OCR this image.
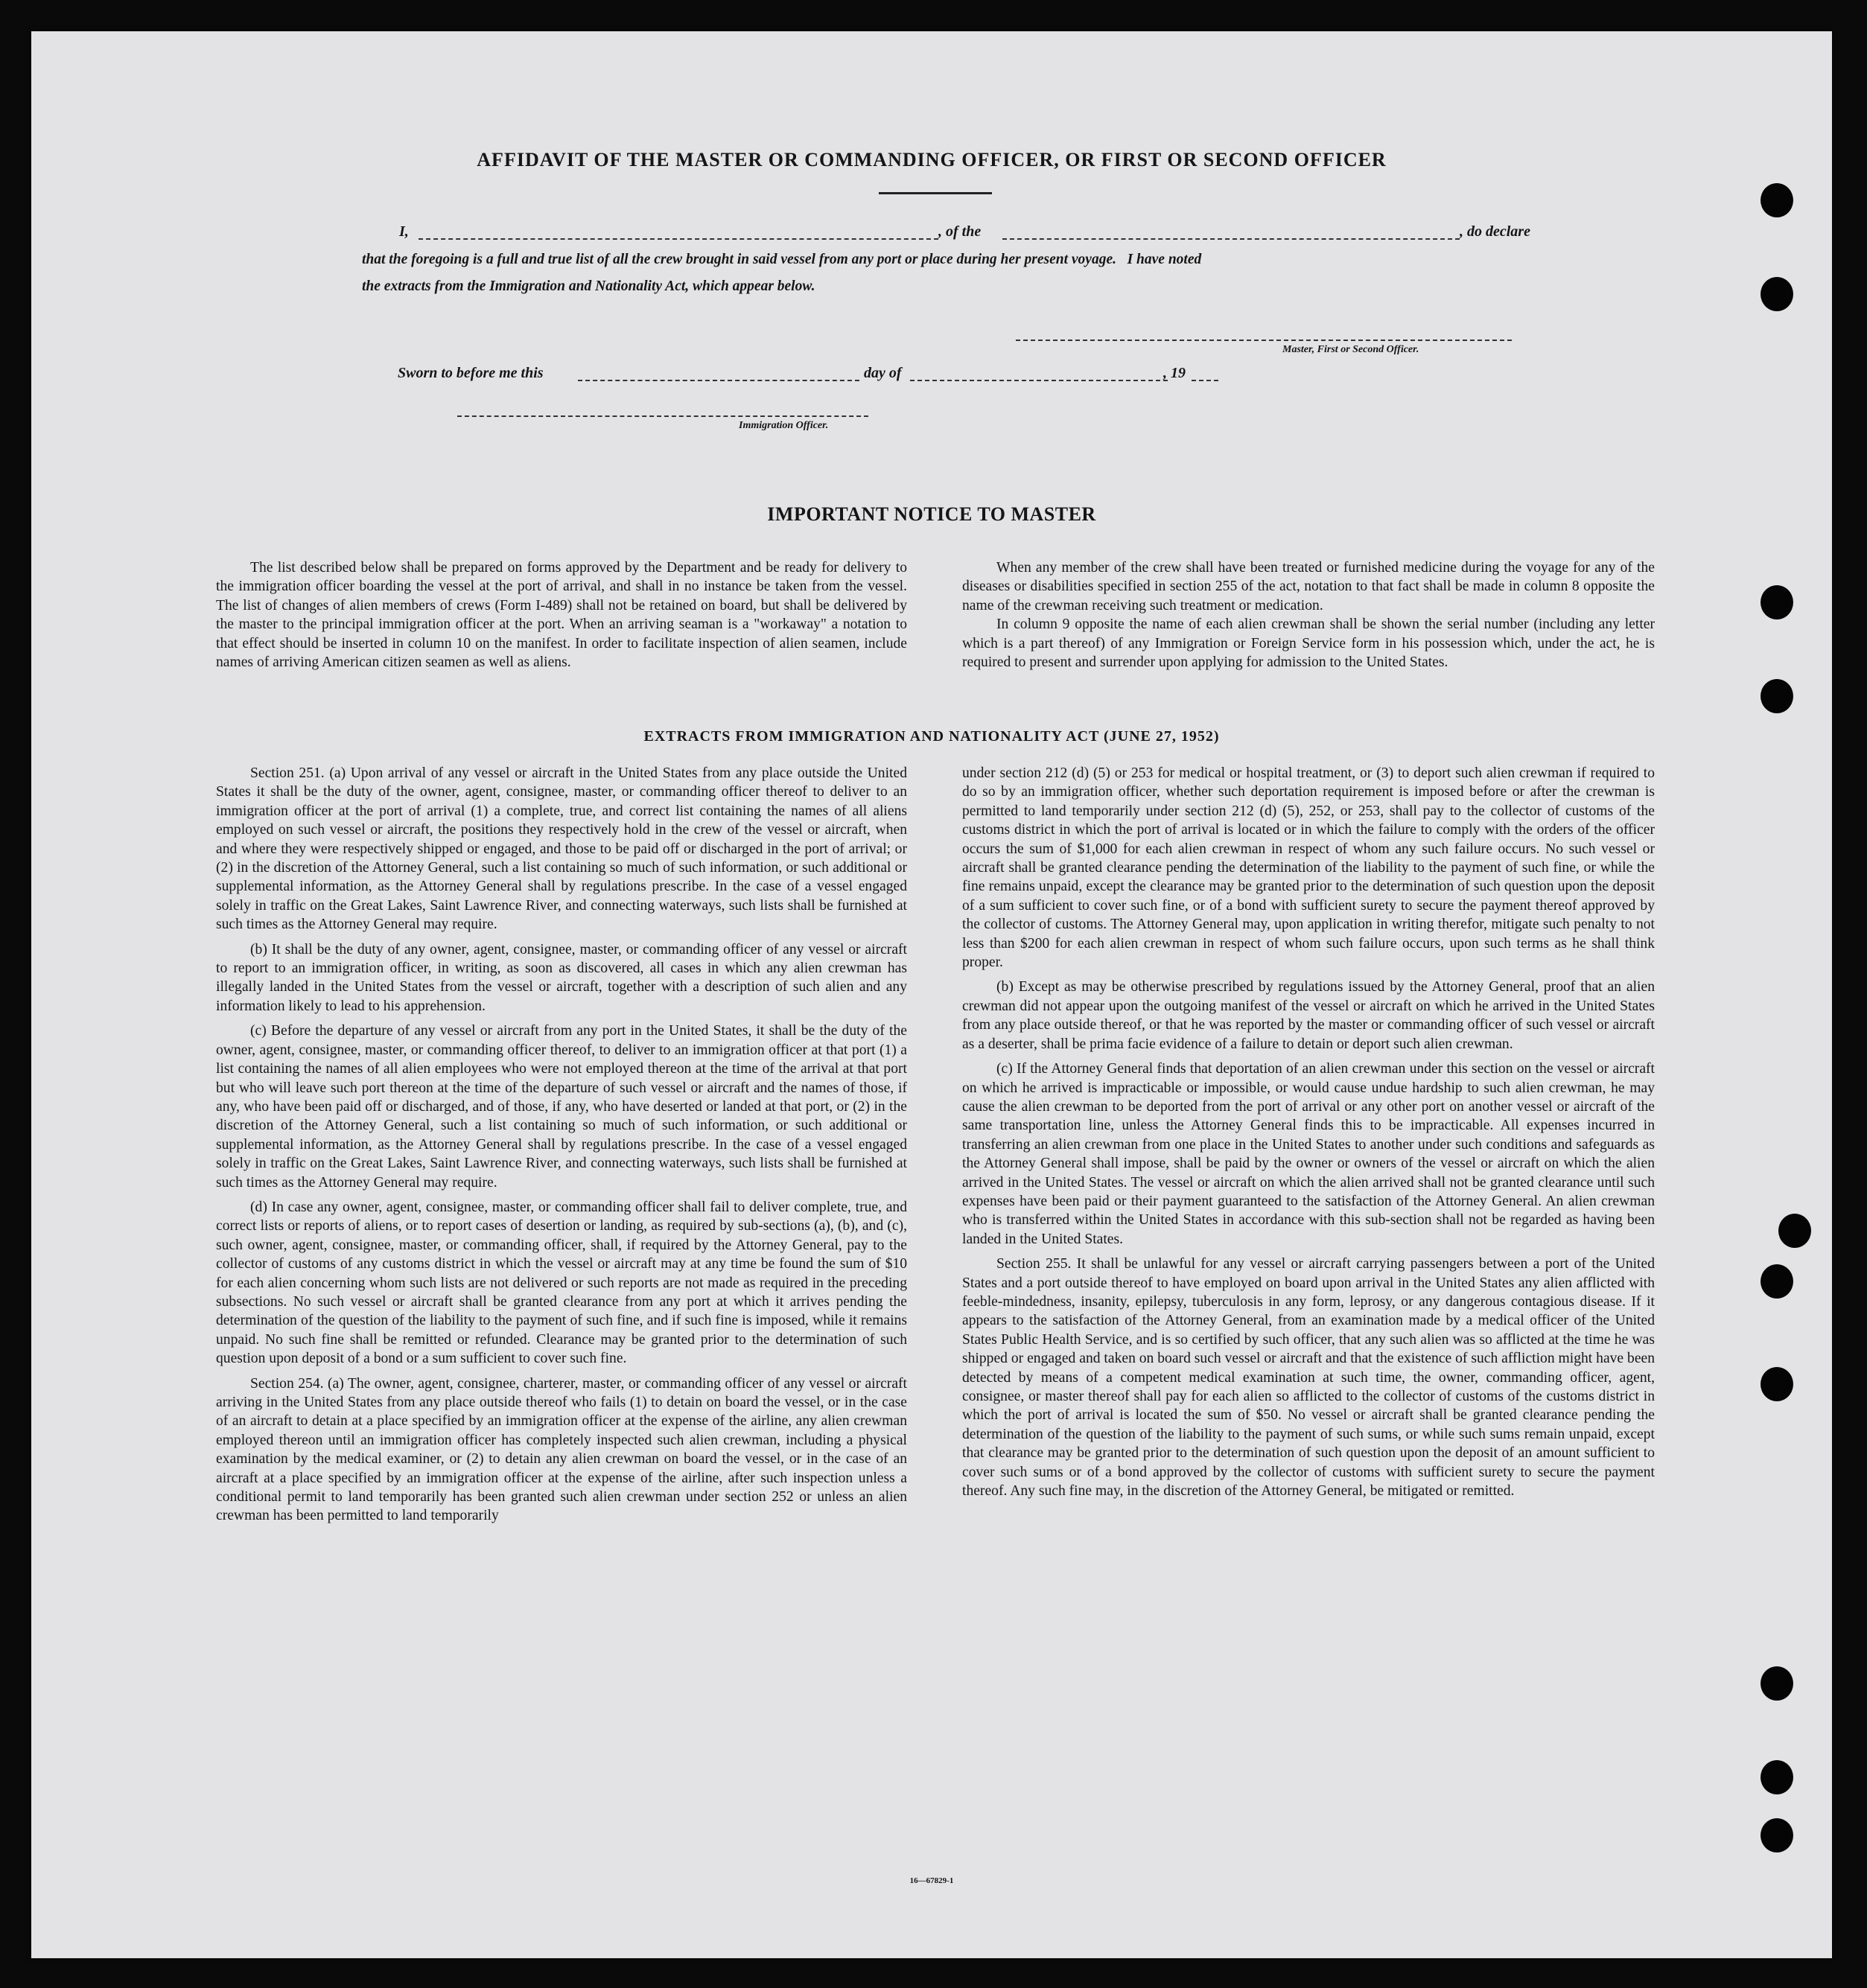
AFFIDAVIT OF THE MASTER OR COMMANDING OFFICER, OR FIRST OR SECOND OFFICER
I,	, of the	, do declare
that the foregoing is a full and true list of all the crew brought in said vessel from any port or place during her present voyage.   I have noted
the extracts from the Immigration and Nationality Act, which appear below.
Master, First or Second Officer.
Sworn to before me this	day of	, 19
Immigration Officer.
IMPORTANT NOTICE TO MASTER

The list described below shall be prepared on forms approved by the Department and be ready for delivery to the immigration officer boarding the vessel at the port of arrival, and shall in no instance be taken from the vessel. The list of changes of alien members of crews (Form I-489) shall not be retained on board, but shall be delivered by the master to the principal immigration officer at the port. When an arriving seaman is a "workaway" a notation to that effect should be inserted in column 10 on the manifest. In order to facilitate inspection of alien seamen, include names of arriving American citizen seamen as well as aliens.

When any member of the crew shall have been treated or furnished medicine during the voyage for any of the diseases or disabilities specified in section 255 of the act, notation to that fact shall be made in column 8 opposite the name of the crewman receiving such treatment or medication.

In column 9 opposite the name of each alien crewman shall be shown the serial number (including any letter which is a part thereof) of any Immigration or Foreign Service form in his possession which, under the act, he is required to present and surrender upon applying for admission to the United States.

EXTRACTS FROM IMMIGRATION AND NATIONALITY ACT (JUNE 27, 1952)

Section 251. (a) Upon arrival of any vessel or aircraft in the United States from any place outside the United States it shall be the duty of the owner, agent, consignee, master, or commanding officer thereof to deliver to an immigration officer at the port of arrival (1) a complete, true, and correct list containing the names of all aliens employed on such vessel or aircraft, the positions they respectively hold in the crew of the vessel or aircraft, when and where they were respectively shipped or engaged, and those to be paid off or discharged in the port of arrival; or (2) in the discretion of the Attorney General, such a list containing so much of such information, or such additional or supplemental information, as the Attorney General shall by regulations prescribe. In the case of a vessel engaged solely in traffic on the Great Lakes, Saint Lawrence River, and connecting waterways, such lists shall be furnished at such times as the Attorney General may require.

(b) It shall be the duty of any owner, agent, consignee, master, or commanding officer of any vessel or aircraft to report to an immigration officer, in writing, as soon as discovered, all cases in which any alien crewman has illegally landed in the United States from the vessel or aircraft, together with a description of such alien and any information likely to lead to his apprehension.

(c) Before the departure of any vessel or aircraft from any port in the United States, it shall be the duty of the owner, agent, consignee, master, or commanding officer thereof, to deliver to an immigration officer at that port (1) a list containing the names of all alien employees who were not employed thereon at the time of the arrival at that port but who will leave such port thereon at the time of the departure of such vessel or aircraft and the names of those, if any, who have been paid off or discharged, and of those, if any, who have deserted or landed at that port, or (2) in the discretion of the Attorney General, such a list containing so much of such information, or such additional or supplemental information, as the Attorney General shall by regulations prescribe. In the case of a vessel engaged solely in traffic on the Great Lakes, Saint Lawrence River, and connecting waterways, such lists shall be furnished at such times as the Attorney General may require.

(d) In case any owner, agent, consignee, master, or commanding officer shall fail to deliver complete, true, and correct lists or reports of aliens, or to report cases of desertion or landing, as required by sub-sections (a), (b), and (c), such owner, agent, consignee, master, or commanding officer, shall, if required by the Attorney General, pay to the collector of customs of any customs district in which the vessel or aircraft may at any time be found the sum of $10 for each alien concerning whom such lists are not delivered or such reports are not made as required in the preceding subsections. No such vessel or aircraft shall be granted clearance from any port at which it arrives pending the determination of the question of the liability to the payment of such fine, and if such fine is imposed, while it remains unpaid. No such fine shall be remitted or refunded. Clearance may be granted prior to the determination of such question upon deposit of a bond or a sum sufficient to cover such fine.

Section 254. (a) The owner, agent, consignee, charterer, master, or commanding officer of any vessel or aircraft arriving in the United States from any place outside thereof who fails (1) to detain on board the vessel, or in the case of an aircraft to detain at a place specified by an immigration officer at the expense of the airline, any alien crewman employed thereon until an immigration officer has completely inspected such alien crewman, including a physical examination by the medical examiner, or (2) to detain any alien crewman on board the vessel, or in the case of an aircraft at a place specified by an immigration officer at the expense of the airline, after such inspection unless a conditional permit to land temporarily has been granted such alien crewman under section 252 or unless an alien crewman has been permitted to land temporarily

under section 212 (d) (5) or 253 for medical or hospital treatment, or (3) to deport such alien crewman if required to do so by an immigration officer, whether such deportation requirement is imposed before or after the crewman is permitted to land temporarily under section 212 (d) (5), 252, or 253, shall pay to the collector of customs of the customs district in which the port of arrival is located or in which the failure to comply with the orders of the officer occurs the sum of $1,000 for each alien crewman in respect of whom any such failure occurs. No such vessel or aircraft shall be granted clearance pending the determination of the liability to the payment of such fine, or while the fine remains unpaid, except the clearance may be granted prior to the determination of such question upon the deposit of a sum sufficient to cover such fine, or of a bond with sufficient surety to secure the payment thereof approved by the collector of customs. The Attorney General may, upon application in writing therefor, mitigate such penalty to not less than $200 for each alien crewman in respect of whom such failure occurs, upon such terms as he shall think proper.

(b) Except as may be otherwise prescribed by regulations issued by the Attorney General, proof that an alien crewman did not appear upon the outgoing manifest of the vessel or aircraft on which he arrived in the United States from any place outside thereof, or that he was reported by the master or commanding officer of such vessel or aircraft as a deserter, shall be prima facie evidence of a failure to detain or deport such alien crewman.

(c) If the Attorney General finds that deportation of an alien crewman under this section on the vessel or aircraft on which he arrived is impracticable or impossible, or would cause undue hardship to such alien crewman, he may cause the alien crewman to be deported from the port of arrival or any other port on another vessel or aircraft of the same transportation line, unless the Attorney General finds this to be impracticable. All expenses incurred in transferring an alien crewman from one place in the United States to another under such conditions and safeguards as the Attorney General shall impose, shall be paid by the owner or owners of the vessel or aircraft on which the alien arrived in the United States. The vessel or aircraft on which the alien arrived shall not be granted clearance until such expenses have been paid or their payment guaranteed to the satisfaction of the Attorney General. An alien crewman who is transferred within the United States in accordance with this sub-section shall not be regarded as having been landed in the United States.

Section 255. It shall be unlawful for any vessel or aircraft carrying passengers between a port of the United States and a port outside thereof to have employed on board upon arrival in the United States any alien afflicted with feeble-mindedness, insanity, epilepsy, tuberculosis in any form, leprosy, or any dangerous contagious disease. If it appears to the satisfaction of the Attorney General, from an examination made by a medical officer of the United States Public Health Service, and is so certified by such officer, that any such alien was so afflicted at the time he was shipped or engaged and taken on board such vessel or aircraft and that the existence of such affliction might have been detected by means of a competent medical examination at such time, the owner, commanding officer, agent, consignee, or master thereof shall pay for each alien so afflicted to the collector of customs of the customs district in which the port of arrival is located the sum of $50. No vessel or aircraft shall be granted clearance pending the determination of the question of the liability to the payment of such sums, or while such sums remain unpaid, except that clearance may be granted prior to the determination of such question upon the deposit of an amount sufficient to cover such sums or of a bond approved by the collector of customs with sufficient surety to secure the payment thereof. Any such fine may, in the discretion of the Attorney General, be mitigated or remitted.

16—67829-1
